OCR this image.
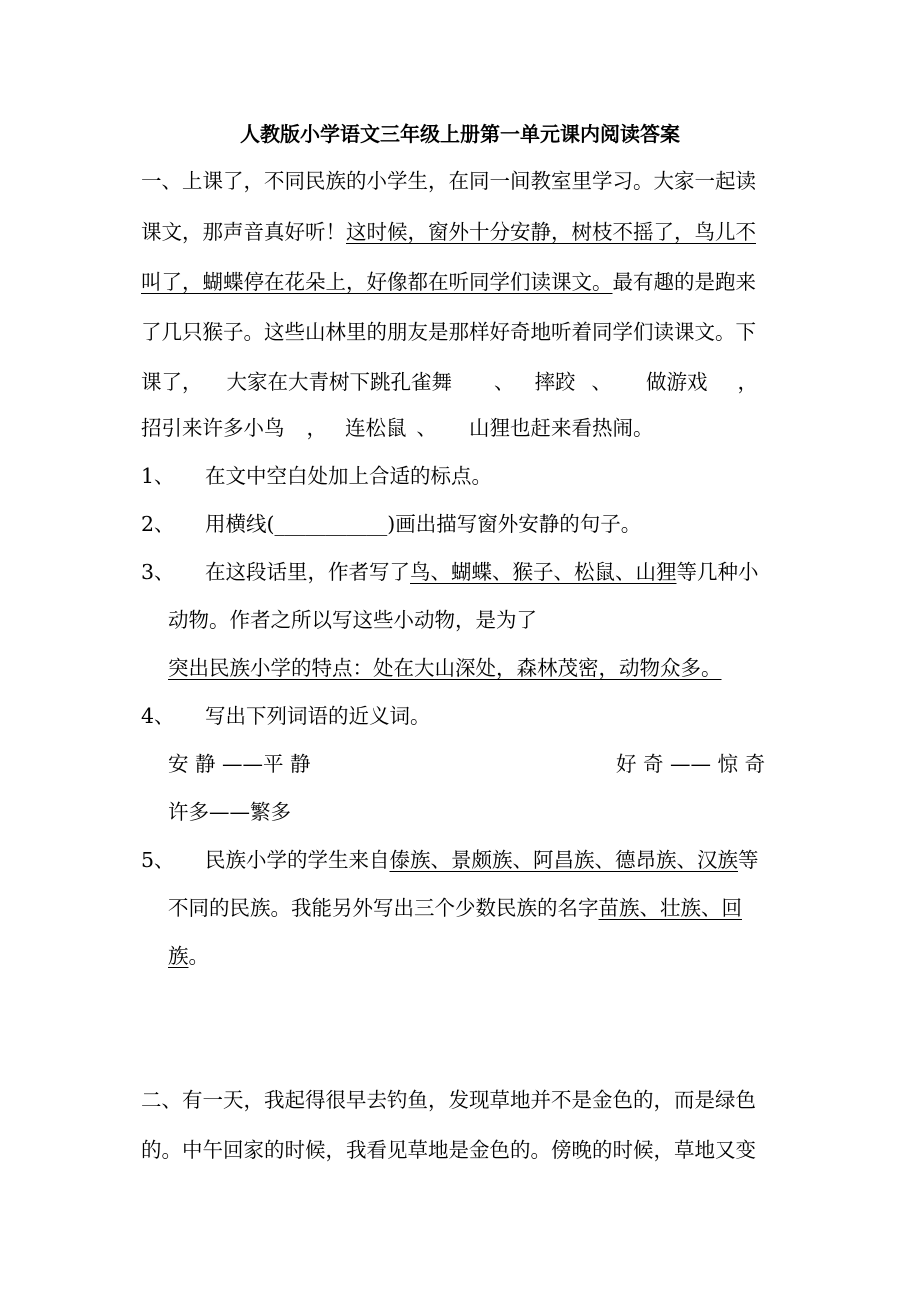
人教版小学语文三年级上册第一单元课内阅读答案
一、上课了，不同民族的小学生，在同一间教室里学习。大家一起读
课文，那声音真好听！这时候，窗外十分安静，树枝不摇了，鸟儿不
叫了，蝴蝶停在花朵上，好像都在听同学们读课文。最有趣的是跑来
了几只猴子。这些山林里的朋友是那样好奇地听着同学们读课文。下
课了， 大家在大青树下跳孔雀舞 、 摔跤 、 做游戏 ，
招引来许多小鸟 ， 连松鼠 、 山狸也赶来看热闹。
1、 在文中空白处加上合适的标点。
2、 用横线(___________)画出描写窗外安静的句子。
3、 在这段话里，作者写了鸟、蝴蝶、猴子、松鼠、山狸等几种小
动物。作者之所以写这些小动物，是为了
突出民族小学的特点：处在大山深处，森林茂密，动物众多。
4、 写出下列词语的近义词。
安 静 ——平 静	好 奇 —— 惊 奇
许多——繁多
5、 民族小学的学生来自傣族、景颇族、阿昌族、德昂族、汉族等
不同的民族。我能另外写出三个少数民族的名字苗族、壮族、回
族。
二、有一天，我起得很早去钓鱼，发现草地并不是金色的，而是绿色
的。中午回家的时候，我看见草地是金色的。傍晚的时候，草地又变
